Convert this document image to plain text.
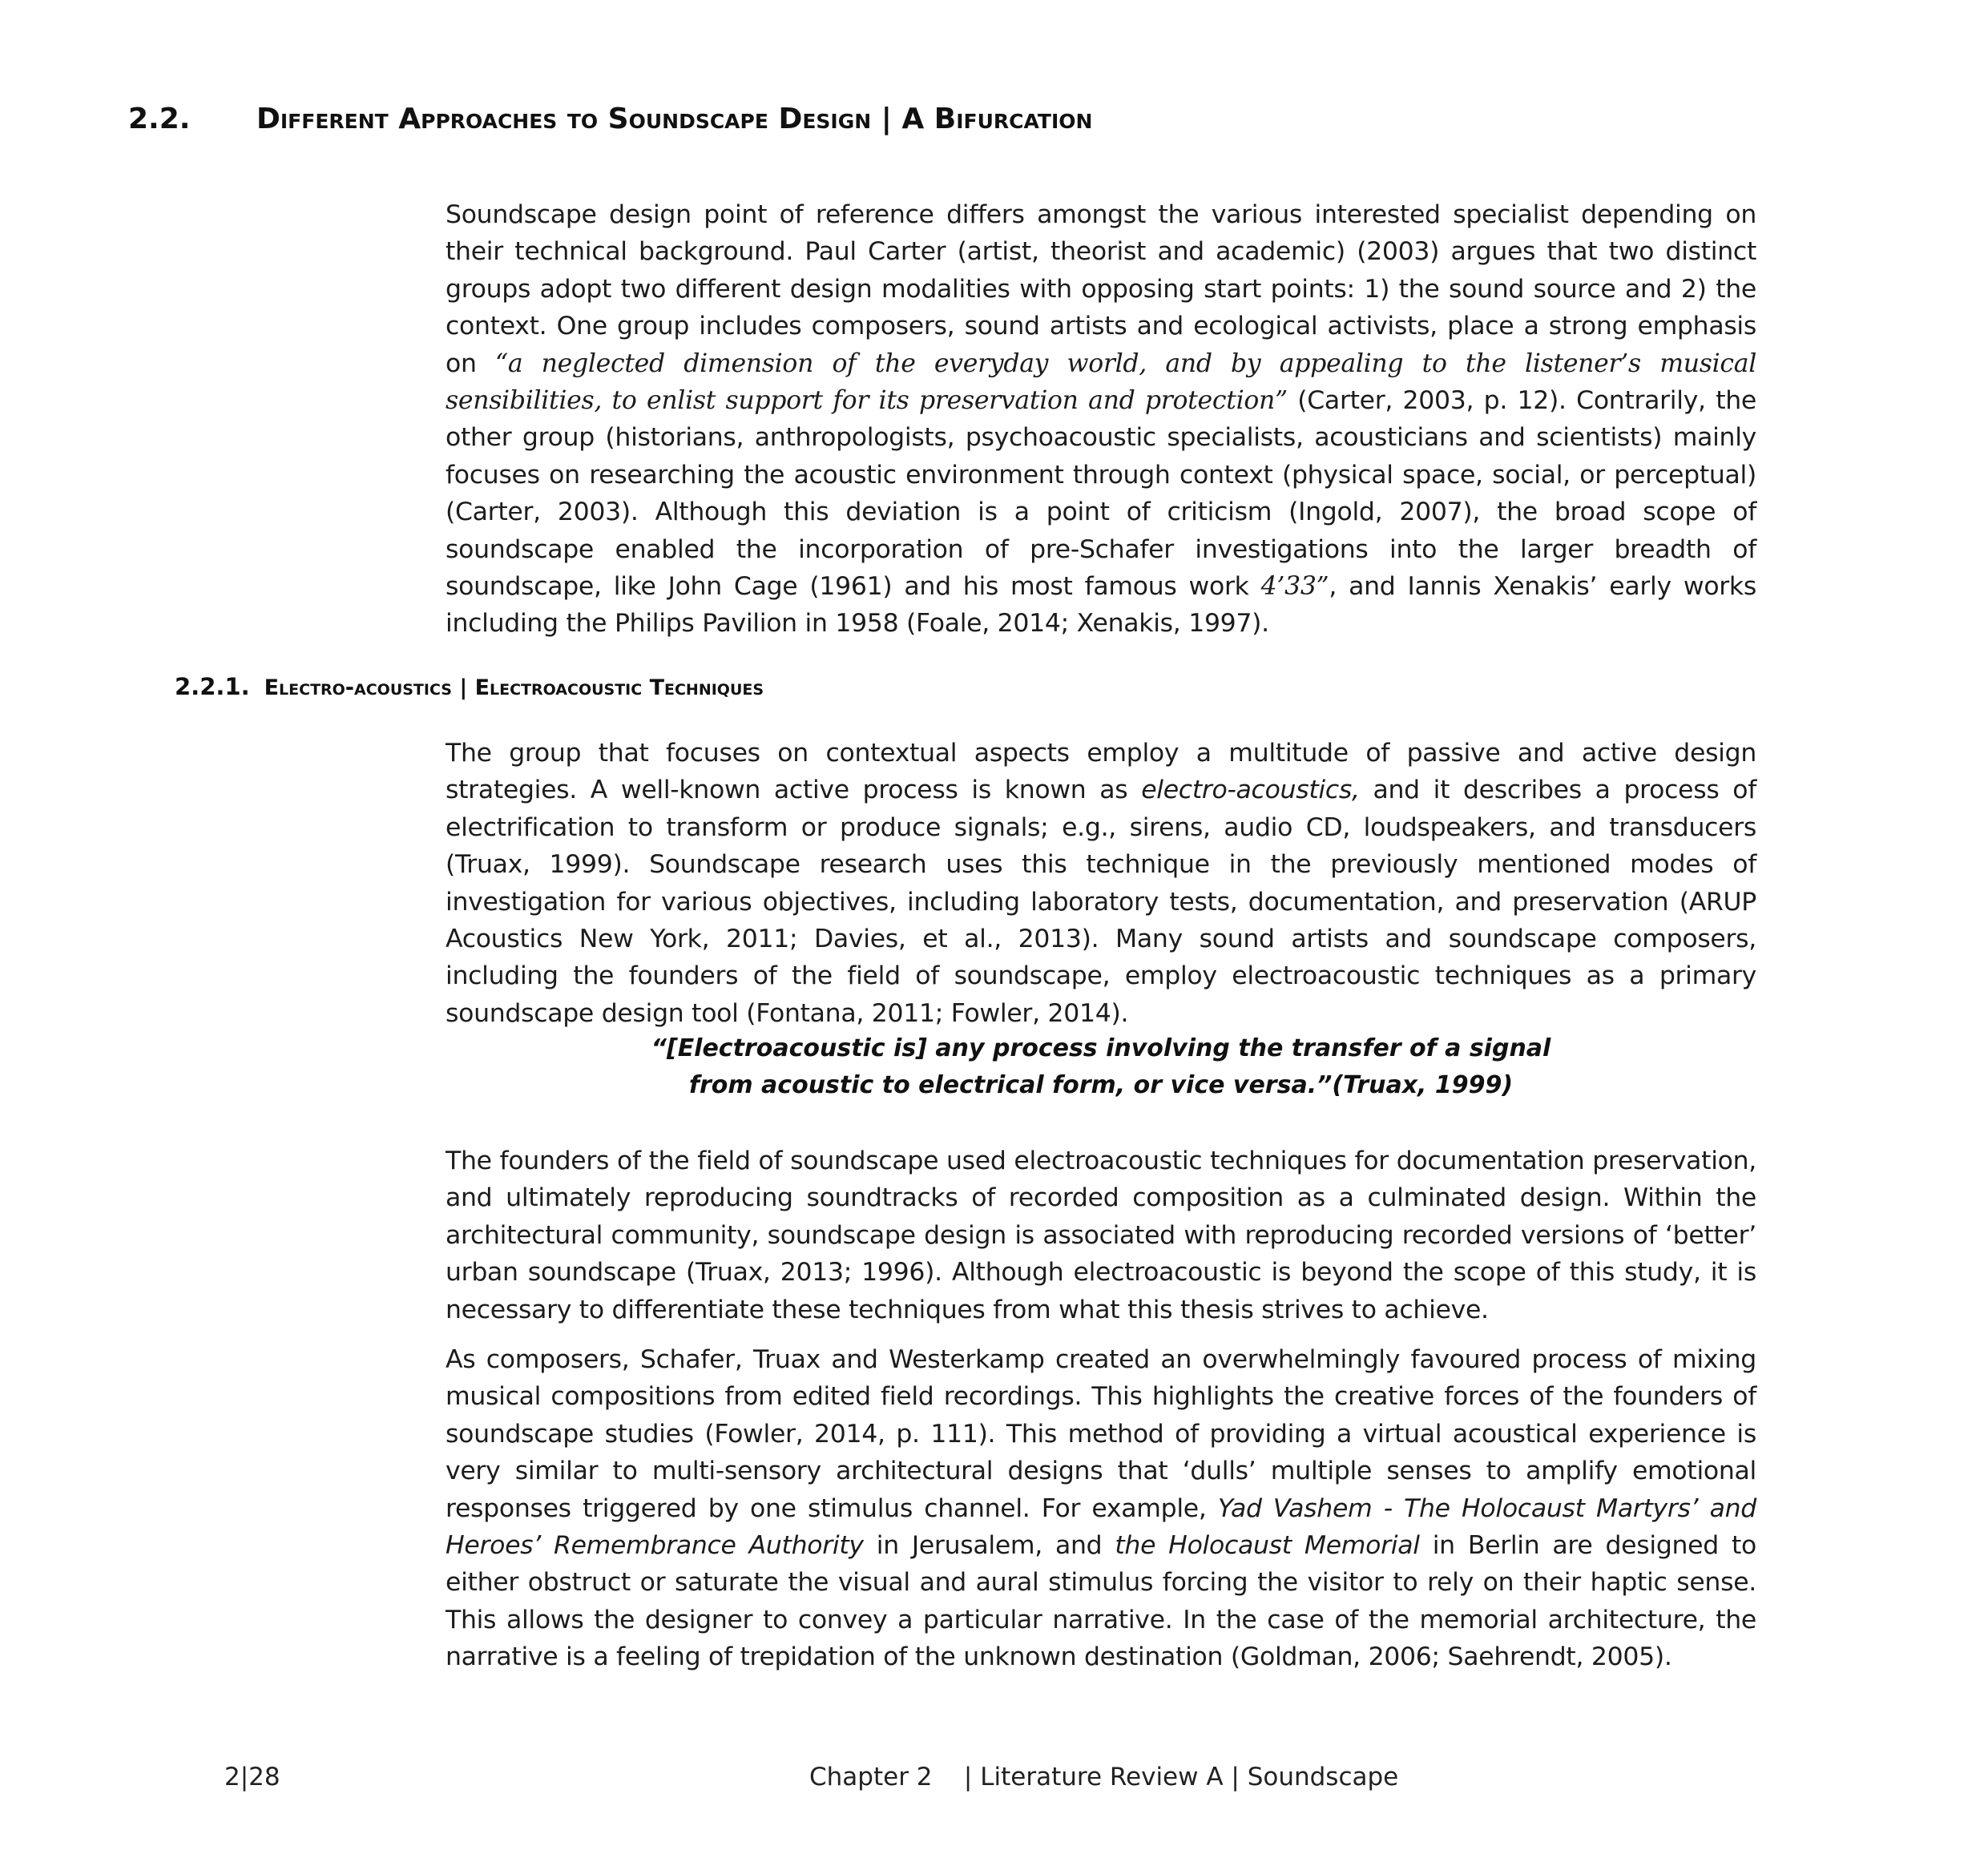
2.2. Different Approaches to Soundscape Design | A Bifurcation

Soundscape design point of reference differs amongst the various interested specialist depending on their technical background. Paul Carter (artist, theorist and academic) (2003) argues that two distinct groups adopt two different design modalities with opposing start points: 1) the sound source and 2) the context. One group includes composers, sound artists and ecological activists, place a strong emphasis on “a neglected dimension of the everyday world, and by appealing to the listener’s musical sensibilities, to enlist support for its preservation and protection” (Carter, 2003, p. 12). Contrarily, the other group (historians, anthropologists, psychoacoustic specialists, acousticians and scientists) mainly focuses on researching the acoustic environment through context (physical space, social, or perceptual) (Carter, 2003). Although this deviation is a point of criticism (Ingold, 2007), the broad scope of soundscape enabled the incorporation of pre-Schafer investigations into the larger breadth of soundscape, like John Cage (1961) and his most famous work 4’33”, and Iannis Xenakis’ early works including the Philips Pavilion in 1958 (Foale, 2014; Xenakis, 1997).

2.2.1. Electro-acoustics | Electroacoustic Techniques

The group that focuses on contextual aspects employ a multitude of passive and active design strategies. A well-known active process is known as electro-acoustics, and it describes a process of electrification to transform or produce signals; e.g., sirens, audio CD, loudspeakers, and transducers (Truax, 1999). Soundscape research uses this technique in the previously mentioned modes of investigation for various objectives, including laboratory tests, documentation, and preservation (ARUP Acoustics New York, 2011; Davies, et al., 2013). Many sound artists and soundscape composers, including the founders of the field of soundscape, employ electroacoustic techniques as a primary soundscape design tool (Fontana, 2011; Fowler, 2014).

“[Electroacoustic is] any process involving the transfer of a signal
from acoustic to electrical form, or vice versa.”(Truax, 1999)

The founders of the field of soundscape used electroacoustic techniques for documentation preservation, and ultimately reproducing soundtracks of recorded composition as a culminated design. Within the architectural community, soundscape design is associated with reproducing recorded versions of ‘better’ urban soundscape (Truax, 2013; 1996). Although electroacoustic is beyond the scope of this study, it is necessary to differentiate these techniques from what this thesis strives to achieve.

As composers, Schafer, Truax and Westerkamp created an overwhelmingly favoured process of mixing musical compositions from edited field recordings. This highlights the creative forces of the founders of soundscape studies (Fowler, 2014, p. 111). This method of providing a virtual acoustical experience is very similar to multi-sensory architectural designs that ‘dulls’ multiple senses to amplify emotional responses triggered by one stimulus channel. For example, Yad Vashem - The Holocaust Martyrs’ and Heroes’ Remembrance Authority in Jerusalem, and the Holocaust Memorial in Berlin are designed to either obstruct or saturate the visual and aural stimulus forcing the visitor to rely on their haptic sense. This allows the designer to convey a particular narrative. In the case of the memorial architecture, the narrative is a feeling of trepidation of the unknown destination (Goldman, 2006; Saehrendt, 2005).

2|28	Chapter 2    | Literature Review A | Soundscape
